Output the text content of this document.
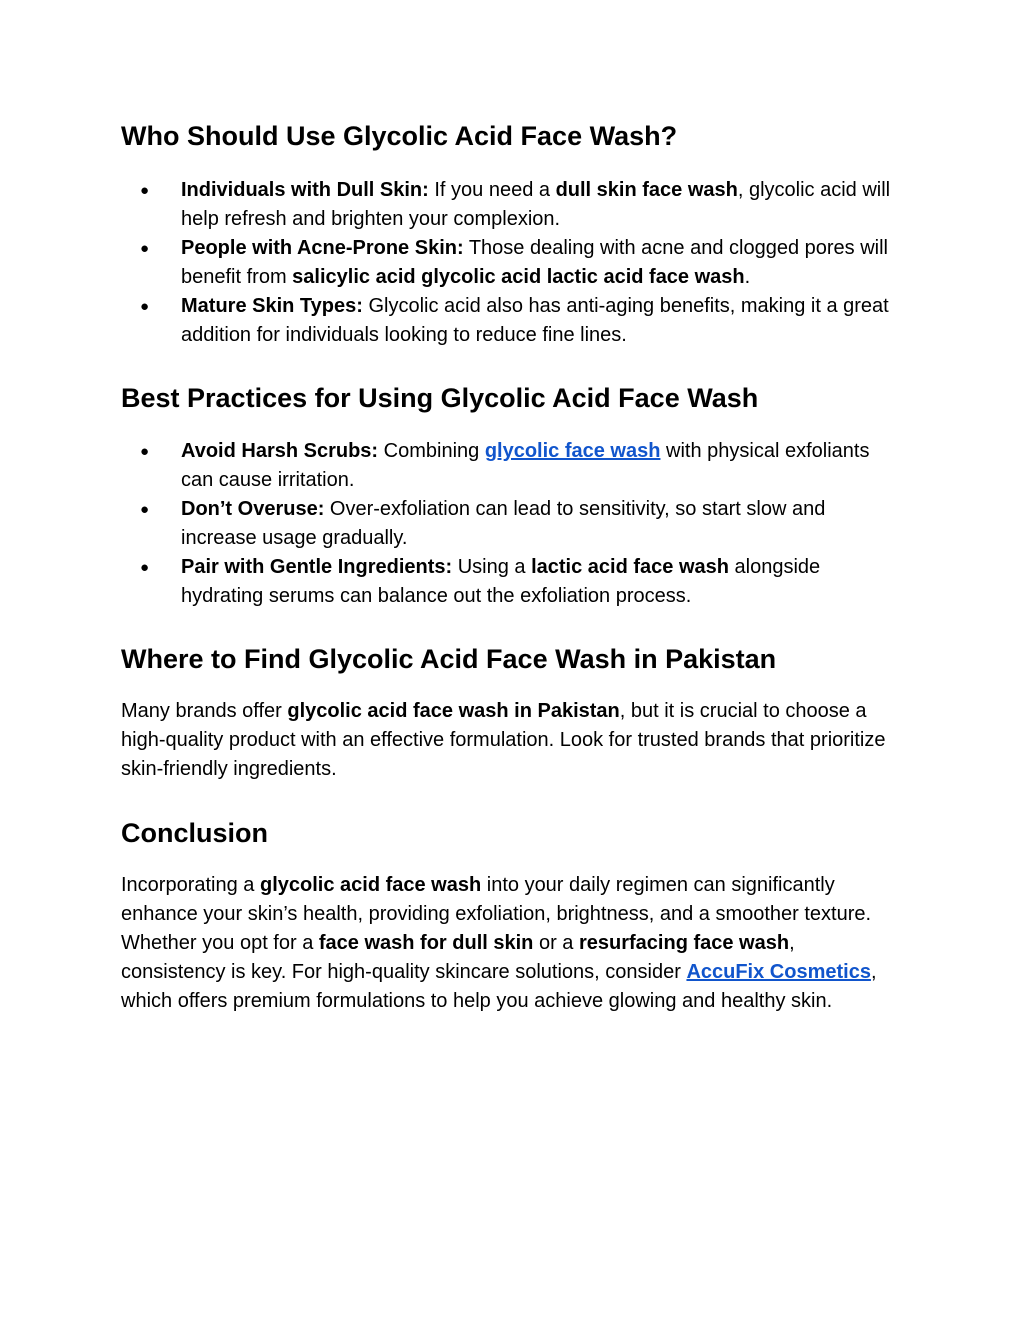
Who Should Use Glycolic Acid Face Wash?
● Individuals with Dull Skin: If you need a dull skin face wash, glycolic acid will help refresh and brighten your complexion.
● People with Acne-Prone Skin: Those dealing with acne and clogged pores will benefit from salicylic acid glycolic acid lactic acid face wash.
● Mature Skin Types: Glycolic acid also has anti-aging benefits, making it a great addition for individuals looking to reduce fine lines.
Best Practices for Using Glycolic Acid Face Wash
● Avoid Harsh Scrubs: Combining glycolic face wash with physical exfoliants can cause irritation.
● Don’t Overuse: Over-exfoliation can lead to sensitivity, so start slow and increase usage gradually.
● Pair with Gentle Ingredients: Using a lactic acid face wash alongside hydrating serums can balance out the exfoliation process.
Where to Find Glycolic Acid Face Wash in Pakistan

Many brands offer glycolic acid face wash in Pakistan, but it is crucial to choose a high-quality product with an effective formulation. Look for trusted brands that prioritize skin-friendly ingredients.

Conclusion

Incorporating a glycolic acid face wash into your daily regimen can significantly enhance your skin’s health, providing exfoliation, brightness, and a smoother texture. Whether you opt for a face wash for dull skin or a resurfacing face wash, consistency is key. For high-quality skincare solutions, consider AccuFix Cosmetics, which offers premium formulations to help you achieve glowing and healthy skin.
